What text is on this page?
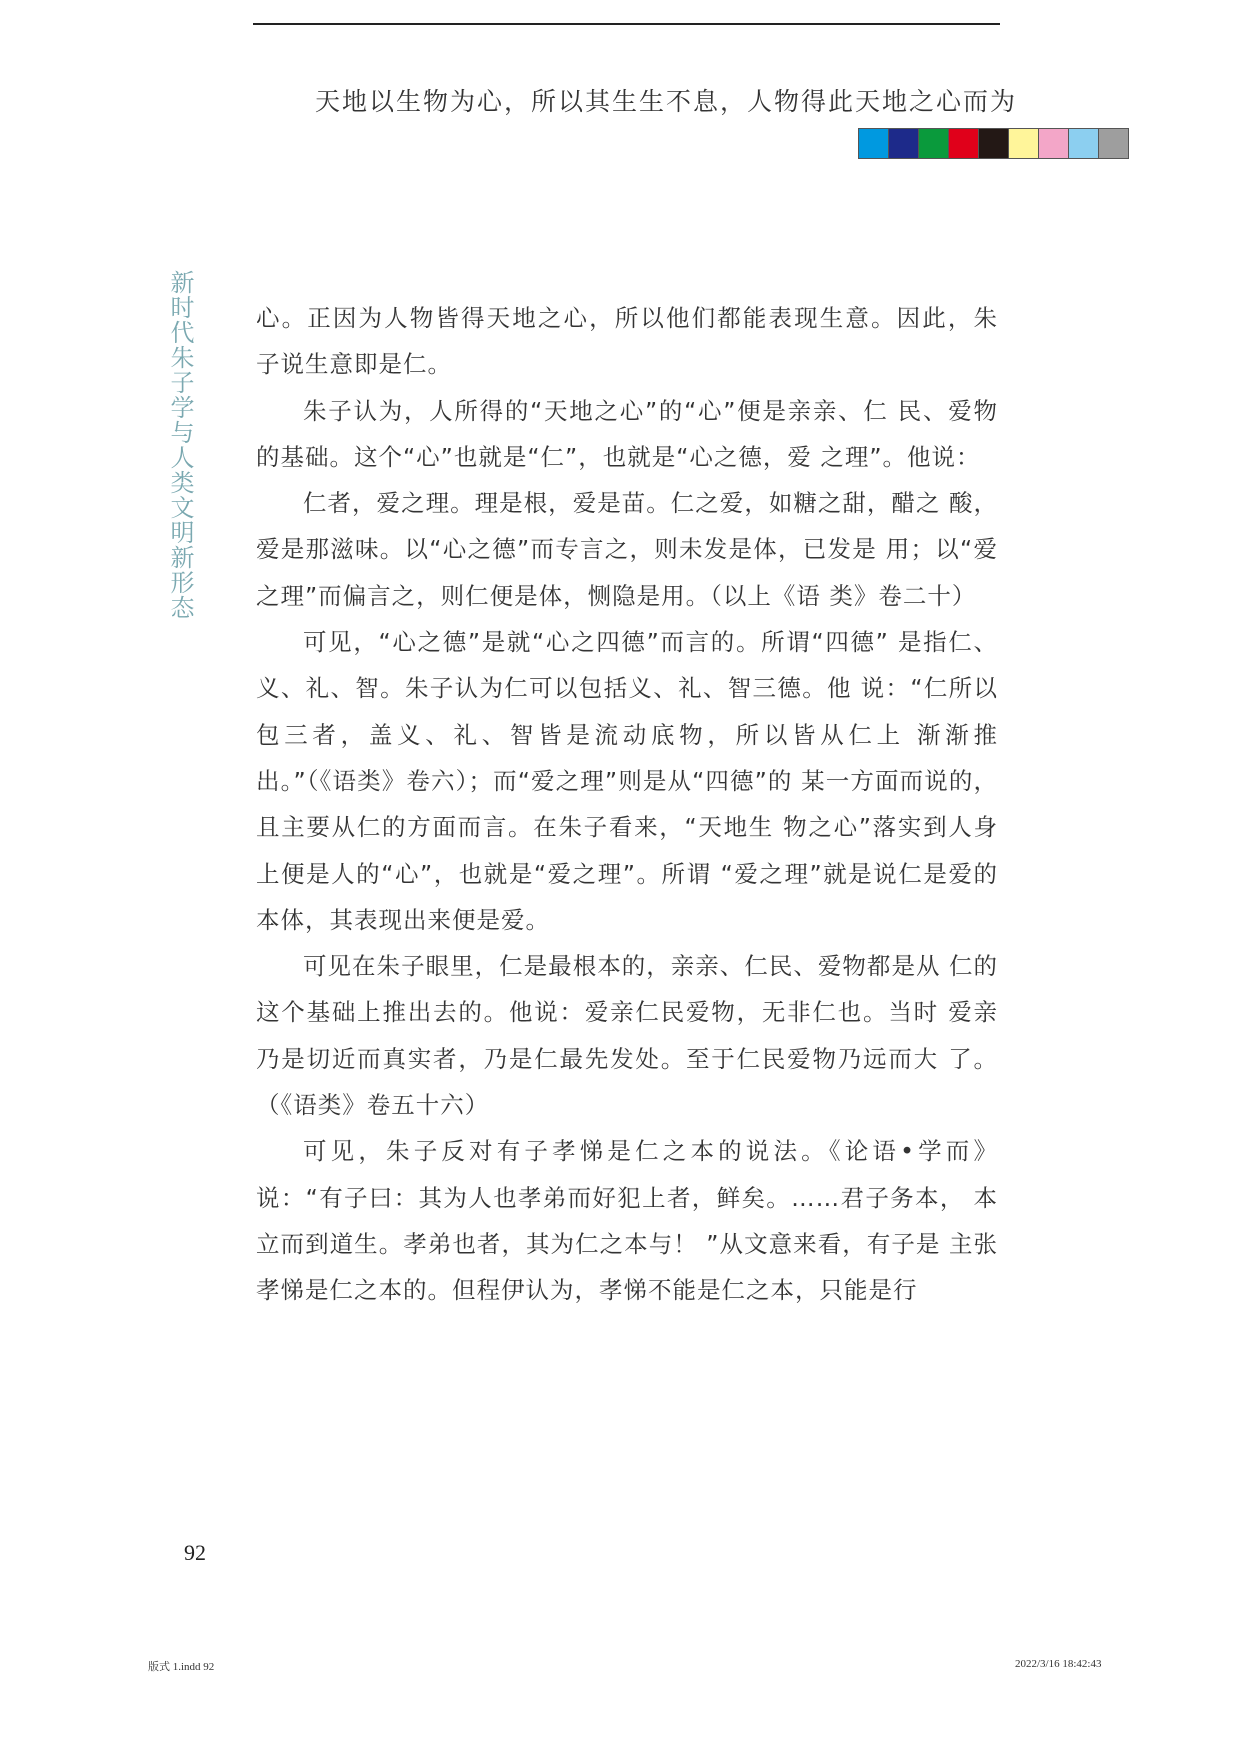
天地以生物为心，所以其生生不息，人物得此天地之心而为
新时代朱子学与人类文明新形态	心。正因为人物皆得天地之心，所以他们都能表现生意。因此，朱 子说生意即是仁。

朱子认为，人所得的“天地之心”的“心”便是亲亲、仁 民、爱物的基础。这个“心”也就是“仁”，也就是“心之德，爱 之理”。他说：

仁者，爱之理。理是根，爱是苗。仁之爱，如糖之甜，醋之 酸，爱是那滋味。以“心之德”而专言之，则未发是体，已发是 用；以“爱之理”而偏言之，则仁便是体，恻隐是用。（以上《语 类》卷二十）

可见，“心之德”是就“心之四德”而言的。所谓“四德” 是指仁、义、礼、智。朱子认为仁可以包括义、礼、智三德。他 说：“仁所以包三者，盖义、礼、智皆是流动底物，所以皆从仁上 渐渐推出。”（《语类》卷六）；而“爱之理”则是从“四德”的 某一方面而说的，且主要从仁的方面而言。在朱子看来，“天地生 物之心”落实到人身上便是人的“心”，也就是“爱之理”。所谓 “爱之理”就是说仁是爱的本体，其表现出来便是爱。

可见在朱子眼里，仁是最根本的，亲亲、仁民、爱物都是从 仁的这个基础上推出去的。他说：爱亲仁民爱物，无非仁也。当时 爱亲乃是切近而真实者，乃是仁最先发处。至于仁民爱物乃远而大 了。（《语类》卷五十六）

可见，朱子反对有子孝悌是仁之本的说法。《论语•学而》 说：“有子曰：其为人也孝弟而好犯上者，鲜矣。……君子务本， 本立而到道生。孝弟也者，其为仁之本与！ ”从文意来看，有子是 主张孝悌是仁之本的。但程伊认为，孝悌不能是仁之本，只能是行

92
版式 1.indd 92	2022/3/16 18:42:43
